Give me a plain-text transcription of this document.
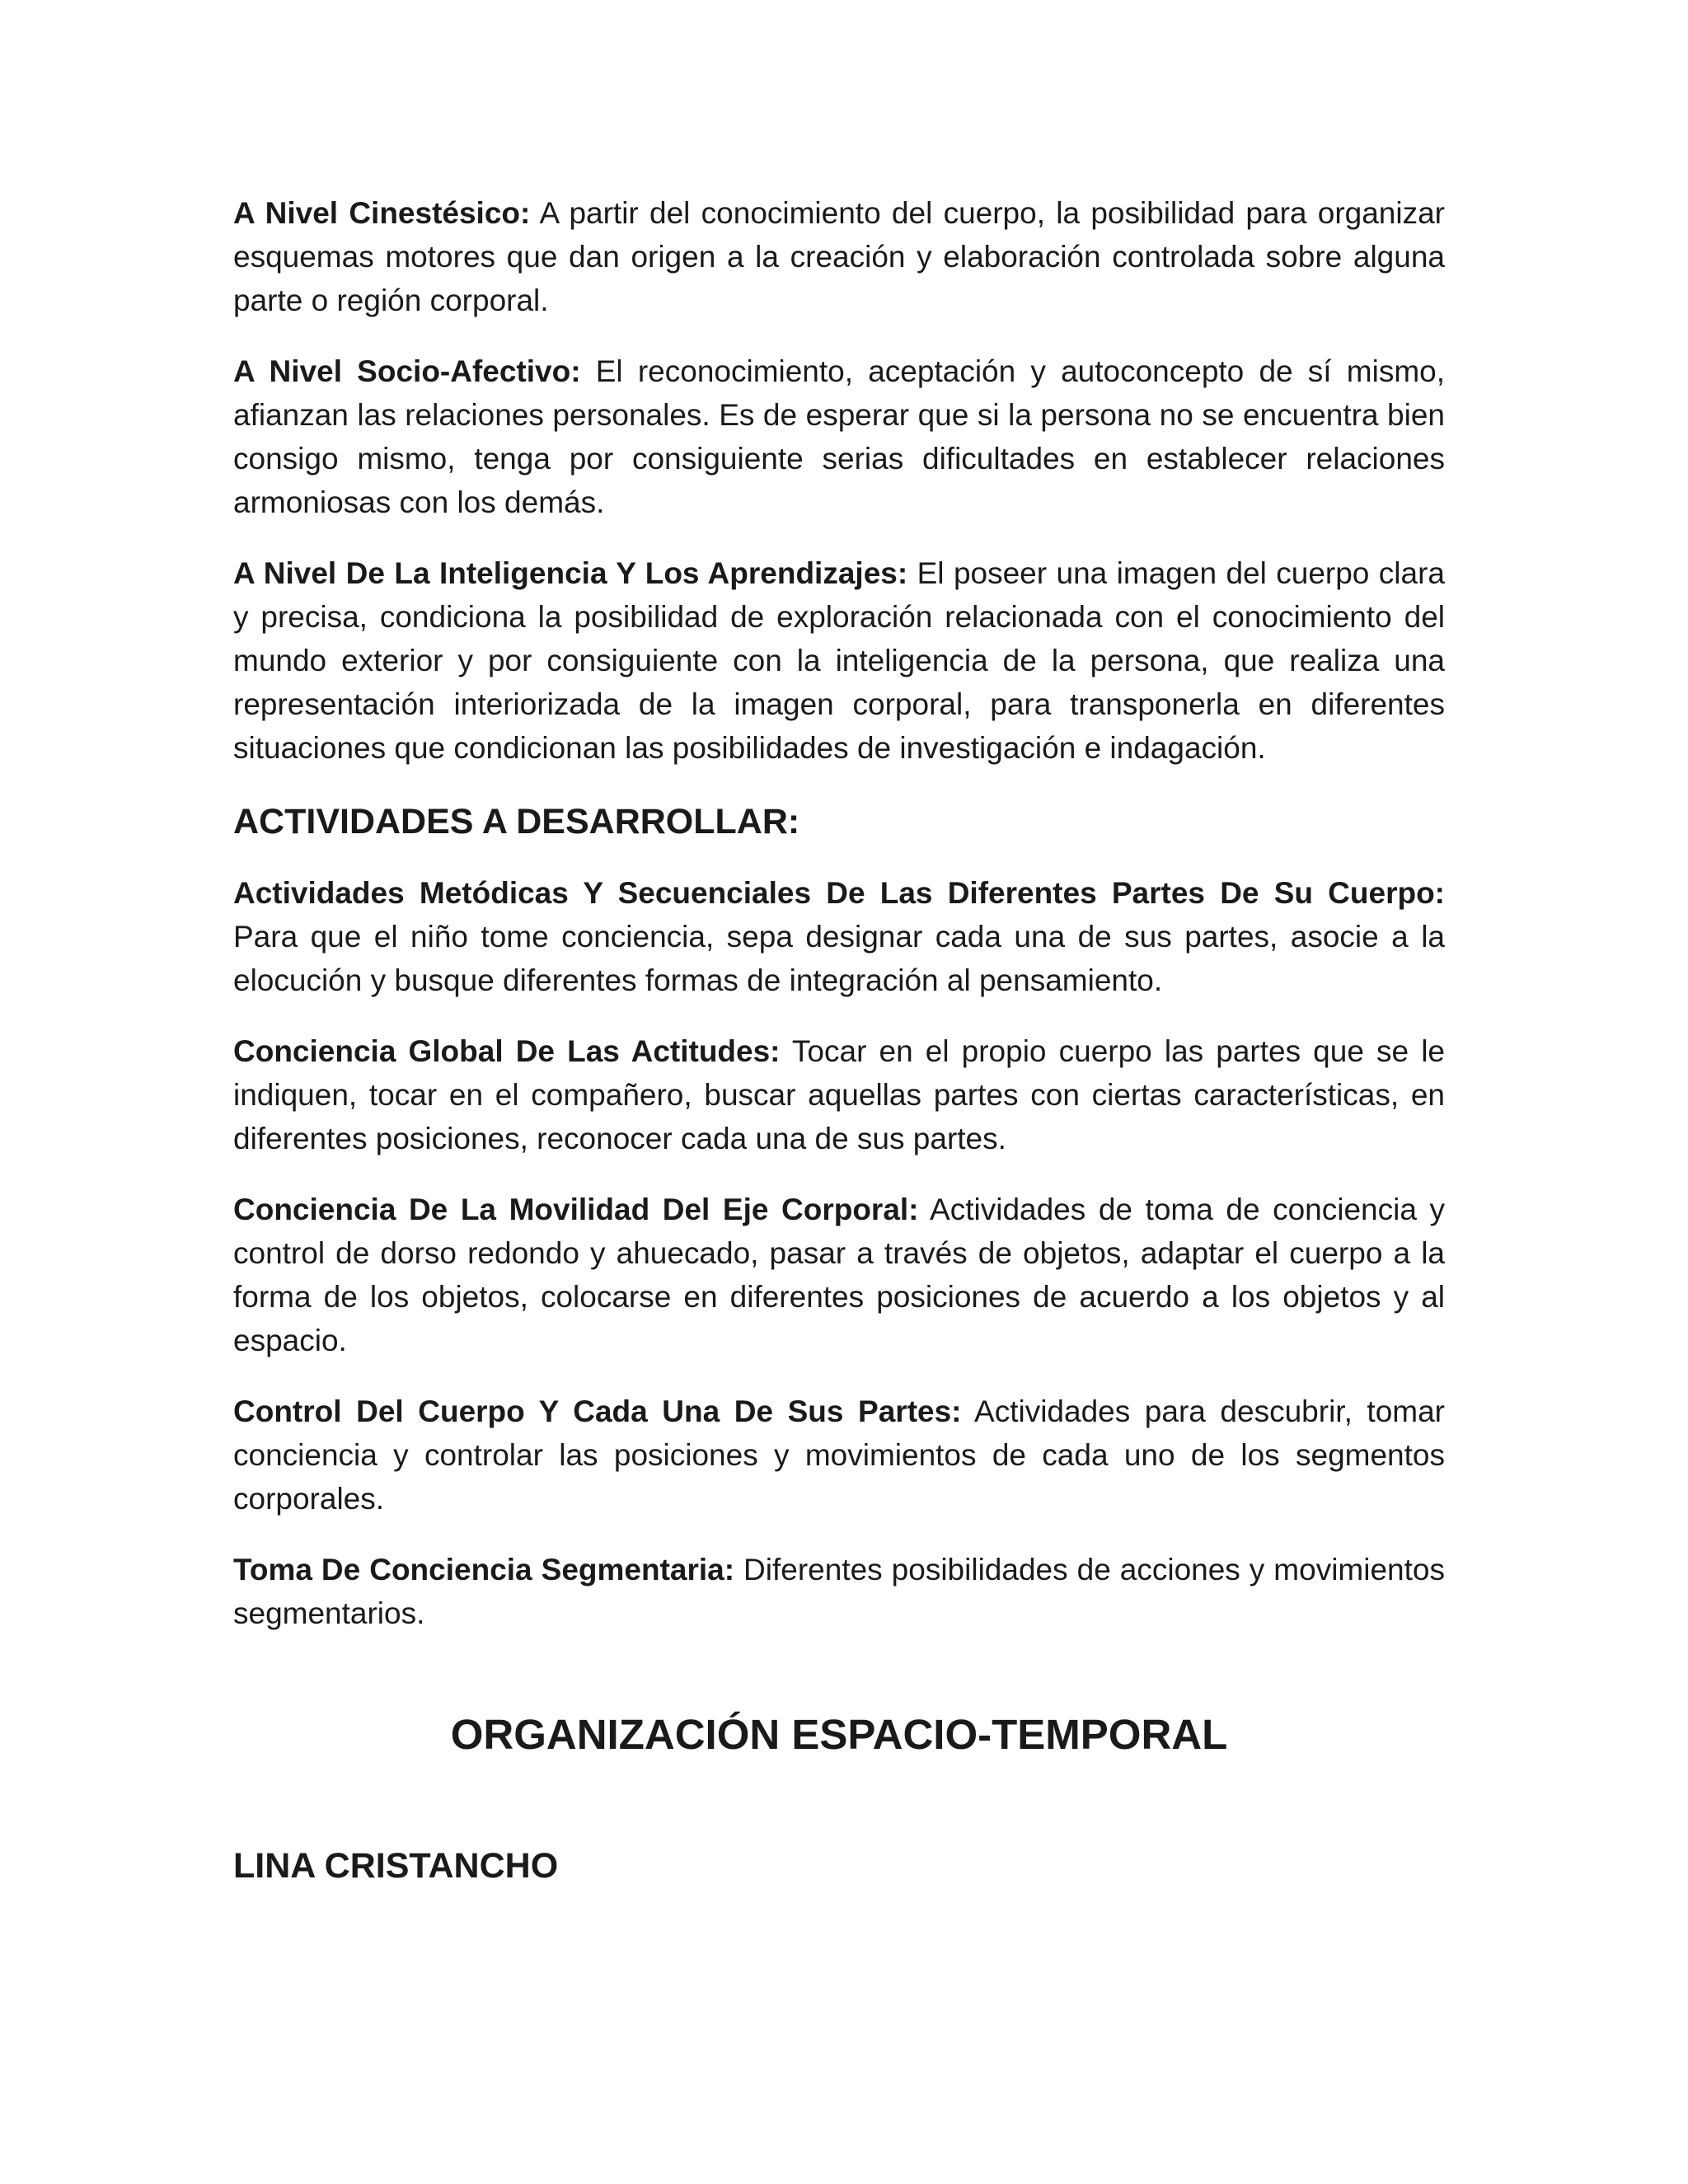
A Nivel Cinestésico: A partir del conocimiento del cuerpo, la posibilidad para organizar esquemas motores que dan origen a la creación y elaboración controlada sobre alguna parte o región corporal.

A Nivel Socio-Afectivo: El reconocimiento, aceptación y autoconcepto de sí mismo, afianzan las relaciones personales. Es de esperar que si la persona no se encuentra bien consigo mismo, tenga por consiguiente serias dificultades en establecer relaciones armoniosas con los demás.

A Nivel De La Inteligencia Y Los Aprendizajes: El poseer una imagen del cuerpo clara y precisa, condiciona la posibilidad de exploración relacionada con el conocimiento del mundo exterior y por consiguiente con la inteligencia de la persona, que realiza una representación interiorizada de la imagen corporal, para transponerla en diferentes situaciones que condicionan las posibilidades de investigación e indagación.

ACTIVIDADES A DESARROLLAR:

Actividades Metódicas Y Secuenciales De Las Diferentes Partes De Su Cuerpo: Para que el niño tome conciencia, sepa designar cada una de sus partes, asocie a la elocución y busque diferentes formas de integración al pensamiento.

Conciencia Global De Las Actitudes: Tocar en el propio cuerpo las partes que se le indiquen, tocar en el compañero, buscar aquellas partes con ciertas características, en diferentes posiciones, reconocer cada una de sus partes.

Conciencia De La Movilidad Del Eje Corporal: Actividades de toma de conciencia y control de dorso redondo y ahuecado, pasar a través de objetos, adaptar el cuerpo a la forma de los objetos, colocarse en diferentes posiciones de acuerdo a los objetos y al espacio.

Control Del Cuerpo Y Cada Una De Sus Partes: Actividades para descubrir, tomar conciencia y controlar las posiciones y movimientos de cada uno de los segmentos corporales.

Toma De Conciencia Segmentaria: Diferentes posibilidades de acciones y movimientos segmentarios.

ORGANIZACIÓN ESPACIO-TEMPORAL
LINA CRISTANCHO
